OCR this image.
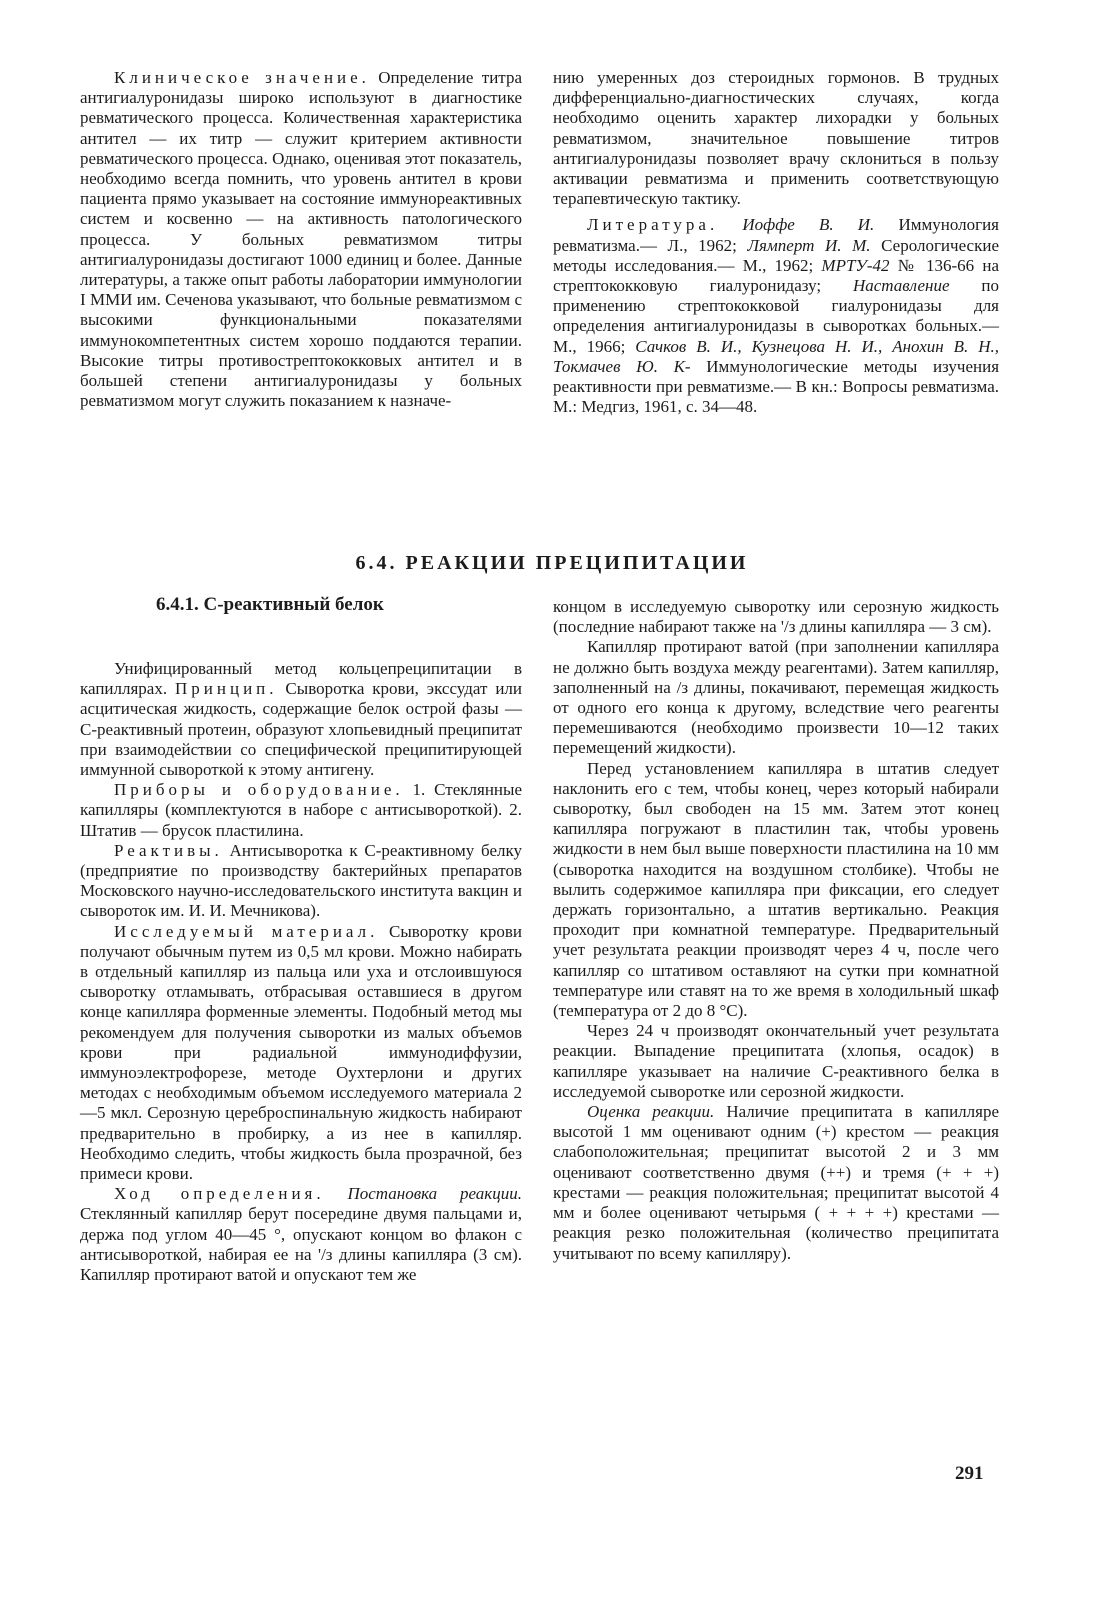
Клиническое значение. Определение титра антигиалуронидазы широко используют в диагностике ревматического процесса. Количественная характеристика антител — их титр — служит критерием активности ревматического процесса. Однако, оценивая этот показатель, необходимо всегда помнить, что уровень антител в крови пациента прямо указывает на состояние иммунореактивных систем и косвенно — на активность патологического процесса. У больных ревматизмом титры антигиалуронидазы достигают 1000 единиц и более. Данные литературы, а также опыт работы лаборатории иммунологии I ММИ им. Сеченова указывают, что больные ревматизмом с высокими функциональными показателями иммунокомпетентных систем хорошо поддаются терапии. Высокие титры противострептококковых антител и в большей степени антигиалуронидазы у больных ревматизмом могут служить показанием к назначе-

нию умеренных доз стероидных гормонов. В трудных дифференциально-диагностических случаях, когда необходимо оценить характер лихорадки у больных ревматизмом, значительное повышение титров антигиалуронидазы позволяет врачу склониться в пользу активации ревматизма и применить соответствующую терапевтическую тактику.

Литература. Иоффе В. И. Иммунология ревматизма.— Л., 1962; Лямперт И. М. Серологические методы исследования.— М., 1962; МРТУ-42 № 136-66 на стрептококковую гиалуронидазу; Наставление по применению стрептококковой гиалуронидазы для определения антигиалуронидазы в сыворотках больных.— М., 1966; Сачков В. И., Кузнецова Н. И., Анохин В. Н., Токмачев Ю. К- Иммунологические методы изучения реактивности при ревматизме.— В кн.: Вопросы ревматизма. М.: Медгиз, 1961, с. 34—48.

6.4. РЕАКЦИИ ПРЕЦИПИТАЦИИ
6.4.1. С-реактивный белок

Унифицированный метод кольцепреципитации в капиллярах. Принцип. Сыворотка крови, экссудат или асцитическая жидкость, содержащие белок острой фазы — С-реактивный протеин, образуют хлопьевидный преципитат при взаимодействии со специфической преципитирующей иммунной сывороткой к этому антигену.

Приборы и оборудование. 1. Стеклянные капилляры (комплектуются в наборе с антисывороткой). 2. Штатив — брусок пластилина.

Реактивы. Антисыворотка к С-реактивному белку (предприятие по производству бактерийных препаратов Московского научно-исследовательского института вакцин и сывороток им. И. И. Мечникова).

Исследуемый материал. Сыворотку крови получают обычным путем из 0,5 мл крови. Можно набирать в отдельный капилляр из пальца или уха и отслоившуюся сыворотку отламывать, отбрасывая оставшиеся в другом конце капилляра форменные элементы. Подобный метод мы рекомендуем для получения сыворотки из малых объемов крови при радиальной иммунодиффузии, иммуноэлектрофорезе, методе Оухтерлони и других методах с необходимым объемом исследуемого материала 2—5 мкл. Серозную цереброспинальную жидкость набирают предварительно в пробирку, а из нее в капилляр. Необходимо следить, чтобы жидкость была прозрачной, без примеси крови.

Ход определения. Постановка реакции. Стеклянный капилляр берут посередине двумя пальцами и, держа под углом 40—45 °, опускают концом во флакон с антисывороткой, набирая ее на '/з длины капилляра (3 см). Капилляр протирают ватой и опускают тем же

концом в исследуемую сыворотку или серозную жидкость (последние набирают также на '/з длины капилляра — 3 см).

Капилляр протирают ватой (при заполнении капилляра не должно быть воздуха между реагентами). Затем капилляр, заполненный на /з длины, покачивают, перемещая жидкость от одного его конца к другому, вследствие чего реагенты перемешиваются (необходимо произвести 10—12 таких перемещений жидкости).

Перед установлением капилляра в штатив следует наклонить его с тем, чтобы конец, через который набирали сыворотку, был свободен на 15 мм. Затем этот конец капилляра погружают в пластилин так, чтобы уровень жидкости в нем был выше поверхности пластилина на 10 мм (сыворотка находится на воздушном столбике). Чтобы не вылить содержимое капилляра при фиксации, его следует держать горизонтально, а штатив вертикально. Реакция проходит при комнатной температуре. Предварительный учет результата реакции производят через 4 ч, после чего капилляр со штативом оставляют на сутки при комнатной температуре или ставят на то же время в холодильный шкаф (температура от 2 до 8 °С).

Через 24 ч производят окончательный учет результата реакции. Выпадение преципитата (хлопья, осадок) в капилляре указывает на наличие С-реактивного белка в исследуемой сыворотке или серозной жидкости.

Оценка реакции. Наличие преципитата в капилляре высотой 1 мм оценивают одним (+) крестом — реакция слабоположительная; преципитат высотой 2 и 3 мм оценивают соответственно двумя (++) и тремя (+ + +) крестами — реакция положительная; преципитат высотой 4 мм и более оценивают четырьмя ( + + + +) крестами — реакция резко положительная (количество преципитата учитывают по всему капилляру).

291
